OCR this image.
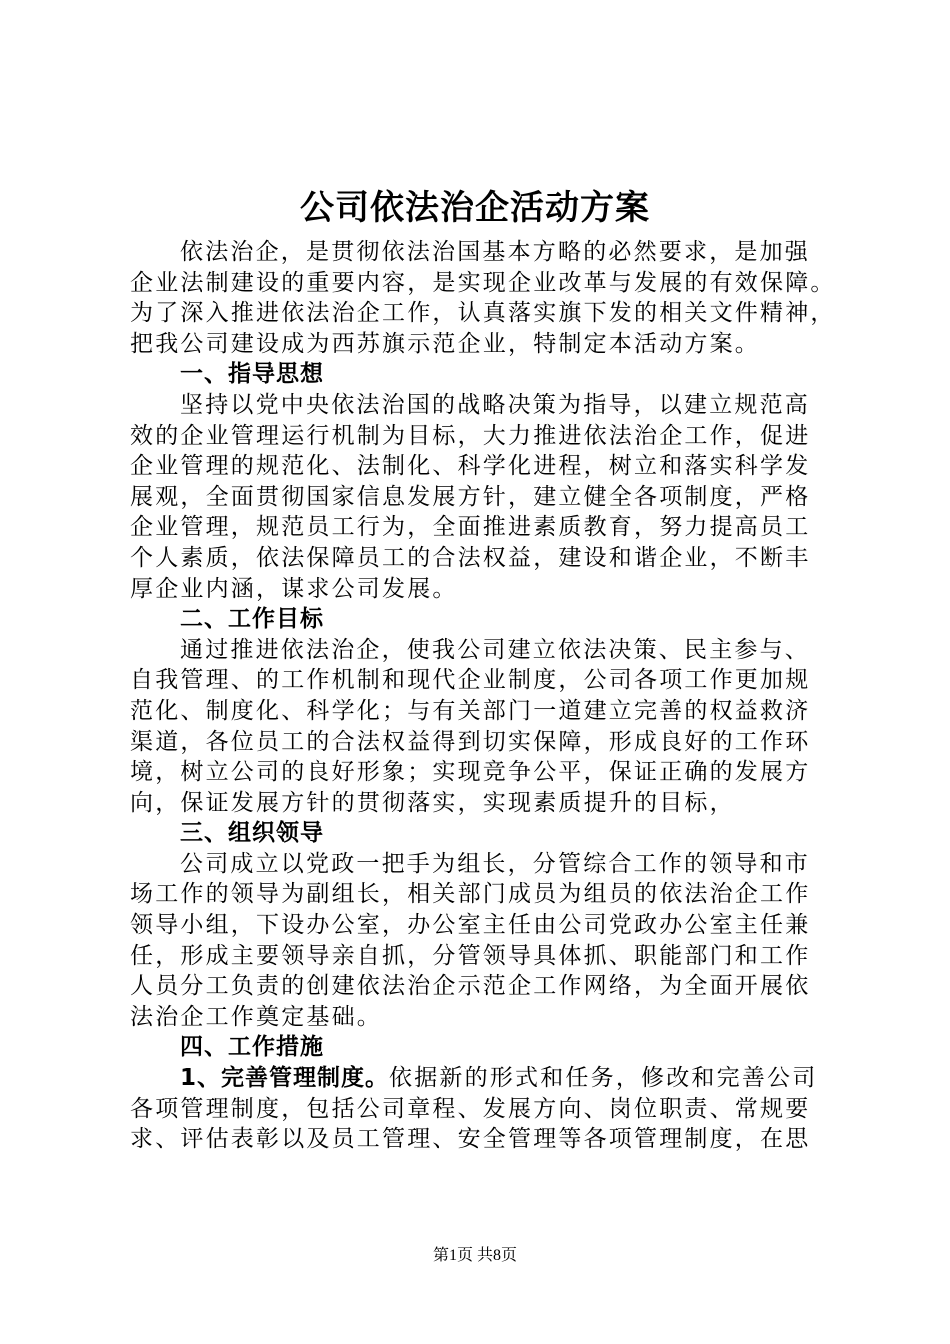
公司依法治企活动方案
依法治企，是贯彻依法治国基本方略的必然要求，是加强
企业法制建设的重要内容，是实现企业改革与发展的有效保障。
为了深入推进依法治企工作，认真落实旗下发的相关文件精神，
把我公司建设成为西苏旗示范企业，特制定本活动方案。
一、指导思想
坚持以党中央依法治国的战略决策为指导，以建立规范高
效的企业管理运行机制为目标，大力推进依法治企工作，促进
企业管理的规范化、法制化、科学化进程，树立和落实科学发
展观，全面贯彻国家信息发展方针，建立健全各项制度，严格
企业管理，规范员工行为，全面推进素质教育，努力提高员工
个人素质，依法保障员工的合法权益，建设和谐企业，不断丰
厚企业内涵，谋求公司发展。
二、工作目标
通过推进依法治企，使我公司建立依法决策、民主参与、
自我管理、的工作机制和现代企业制度，公司各项工作更加规
范化、制度化、科学化；与有关部门一道建立完善的权益救济
渠道，各位员工的合法权益得到切实保障，形成良好的工作环
境，树立公司的良好形象；实现竞争公平，保证正确的发展方
向，保证发展方针的贯彻落实，实现素质提升的目标，
三、组织领导
公司成立以党政一把手为组长，分管综合工作的领导和市
场工作的领导为副组长，相关部门成员为组员的依法治企工作
领导小组，下设办公室，办公室主任由公司党政办公室主任兼
任，形成主要领导亲自抓，分管领导具体抓、职能部门和工作
人员分工负责的创建依法治企示范企工作网络，为全面开展依
法治企工作奠定基础。
四、工作措施
1、完善管理制度。依据新的形式和任务，修改和完善公司
各项管理制度，包括公司章程、发展方向、岗位职责、常规要
求、评估表彰以及员工管理、安全管理等各项管理制度，在思
第1页 共8页
